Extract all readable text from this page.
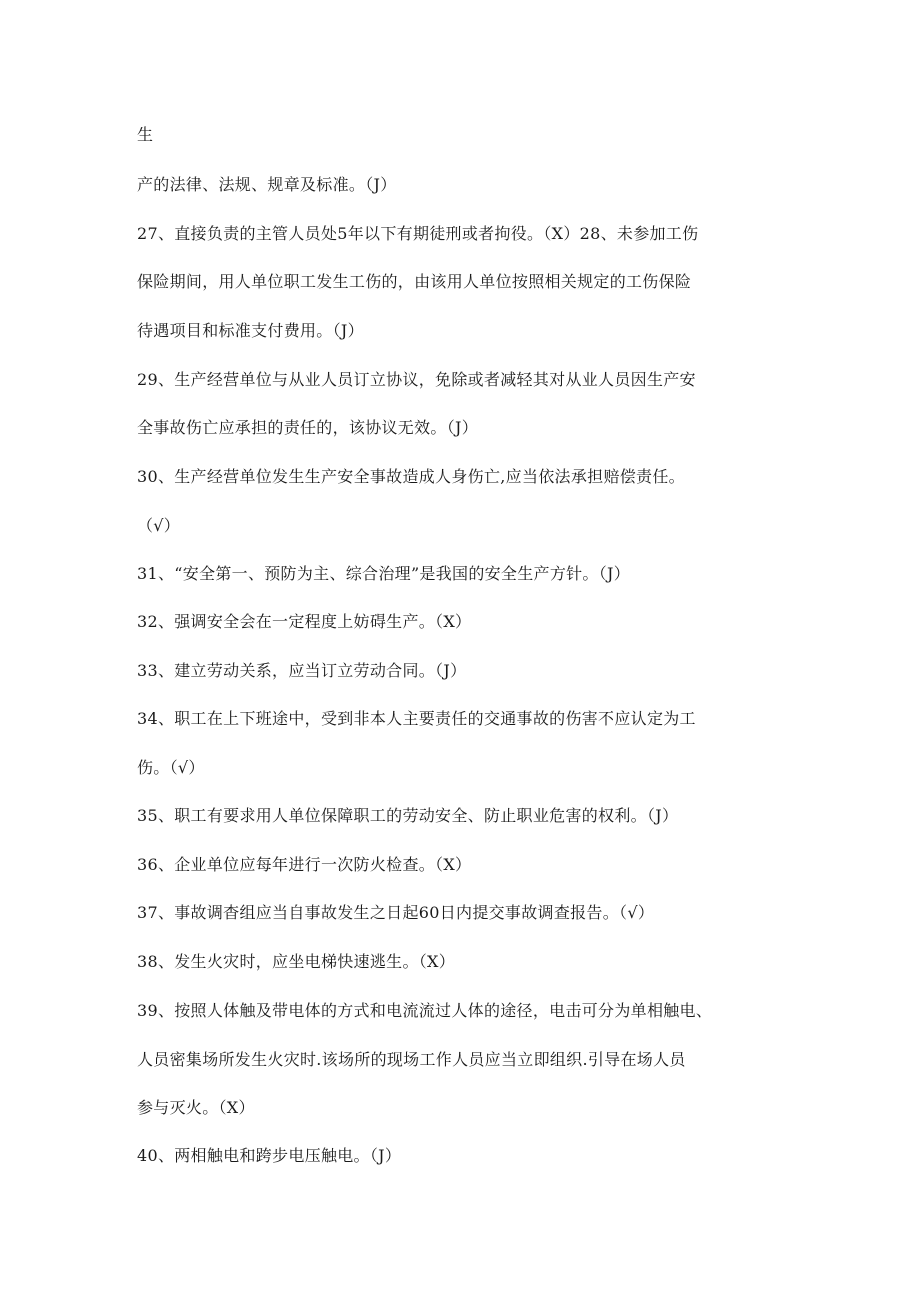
生
产的法律、法规、规章及标准。（J）
27、直接负责的主管人员处5年以下有期徒刑或者拘役。（X）28、未参加工伤
保险期间，用人单位职工发生工伤的，由该用人单位按照相关规定的工伤保险
待遇项目和标准支付费用。（J）
29、生产经营单位与从业人员订立协议，免除或者减轻其对从业人员因生产安
全事故伤亡应承担的责任的，该协议无效。（J）
30、生产经营单位发生生产安全事故造成人身伤亡,应当依法承担赔偿责任。
（√）
31、“安全第一、预防为主、综合治理”是我国的安全生产方针。（J）
32、强调安全会在一定程度上妨碍生产。（X）
33、建立劳动关系，应当订立劳动合同。（J）
34、职工在上下班途中，受到非本人主要责任的交通事故的伤害不应认定为工
伤。（√）
35、职工有要求用人单位保障职工的劳动安全、防止职业危害的权利。（J）
36、企业单位应每年进行一次防火检查。（X）
37、事故调杳组应当自事故发生之日起60日内提交事故调查报告。（√）
38、发生火灾时，应坐电梯快速逃生。（X）
39、按照人体触及带电体的方式和电流流过人体的途径，电击可分为单相触电、
人员密集场所发生火灾时.该场所的现场工作人员应当立即组织.引导在场人员
参与灭火。（X）
40、两相触电和跨步电压触电。（J）
